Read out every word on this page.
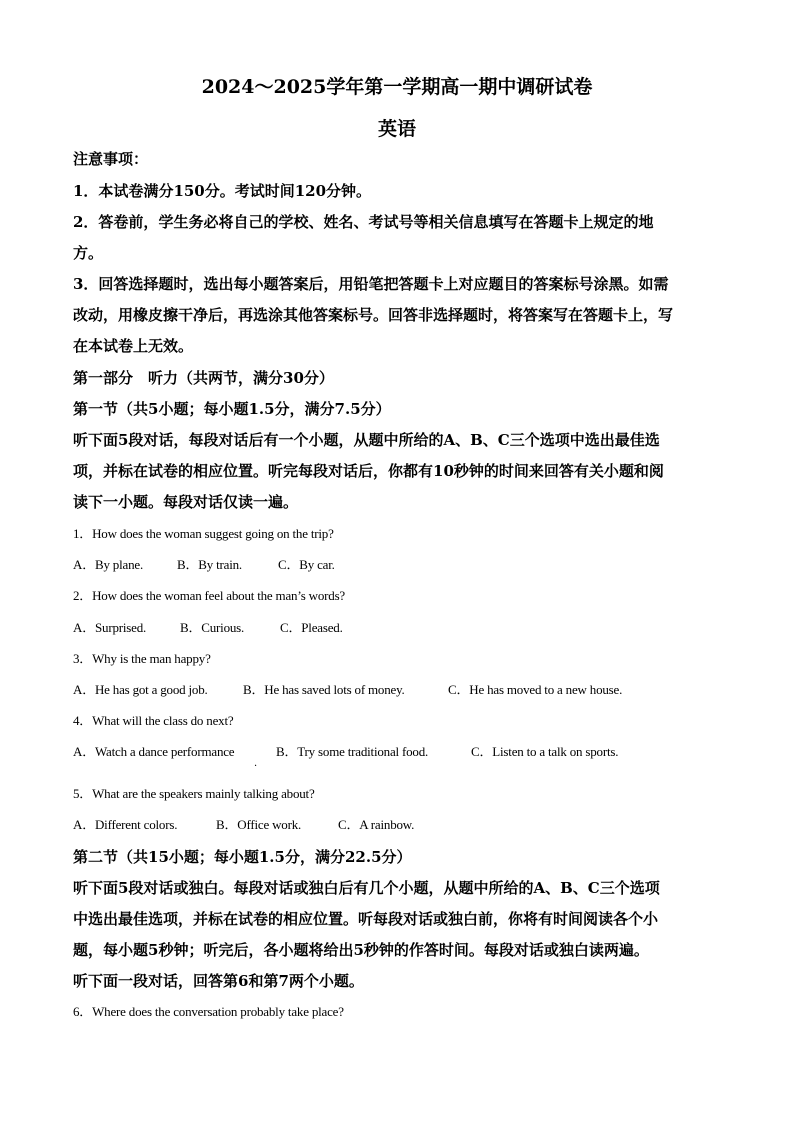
2024～2025学年第一学期高一期中调研试卷
英语

注意事项：

1．本试卷满分150分。考试时间120分钟。

2．答卷前，学生务必将自己的学校、姓名、考试号等相关信息填写在答题卡上规定的地

方。

3．回答选择题时，选出每小题答案后，用铅笔把答题卡上对应题目的答案标号涂黑。如需

改动，用橡皮擦干净后，再选涂其他答案标号。回答非选择题时，将答案写在答题卡上，写

在本试卷上无效。

第一部分　听力（共两节，满分30分）

第一节（共5小题；每小题1.5分，满分7.5分）

听下面5段对话，每段对话后有一个小题，从题中所给的A、B、C三个选项中选出最佳选

项，并标在试卷的相应位置。听完每段对话后，你都有10秒钟的时间来回答有关小题和阅

读下一小题。每段对话仅读一遍。

1．How does the woman suggest going on the trip?

A．By plane.	B．By train.	C．By car.

2．How does the woman feel about the man’s words?

A．Surprised.	B．Curious.	C．Pleased.

3．Why is the man happy?

A．He has got a good job.	B．He has saved lots of money.	C．He has moved to a new house.

4．What will the class do next?

A．Watch a dance performance	B．Try some traditional food.	C．Listen to a talk on sports.

·

5．What are the speakers mainly talking about?

A．Different colors.	B．Office work.	C．A rainbow.

第二节（共15小题；每小题1.5分，满分22.5分）

听下面5段对话或独白。每段对话或独白后有几个小题，从题中所给的A、B、C三个选项

中选出最佳选项，并标在试卷的相应位置。听每段对话或独白前，你将有时间阅读各个小

题，每小题5秒钟；听完后，各小题将给出5秒钟的作答时间。每段对话或独白读两遍。

听下面一段对话，回答第6和第7两个小题。

6．Where does the conversation probably take place?
